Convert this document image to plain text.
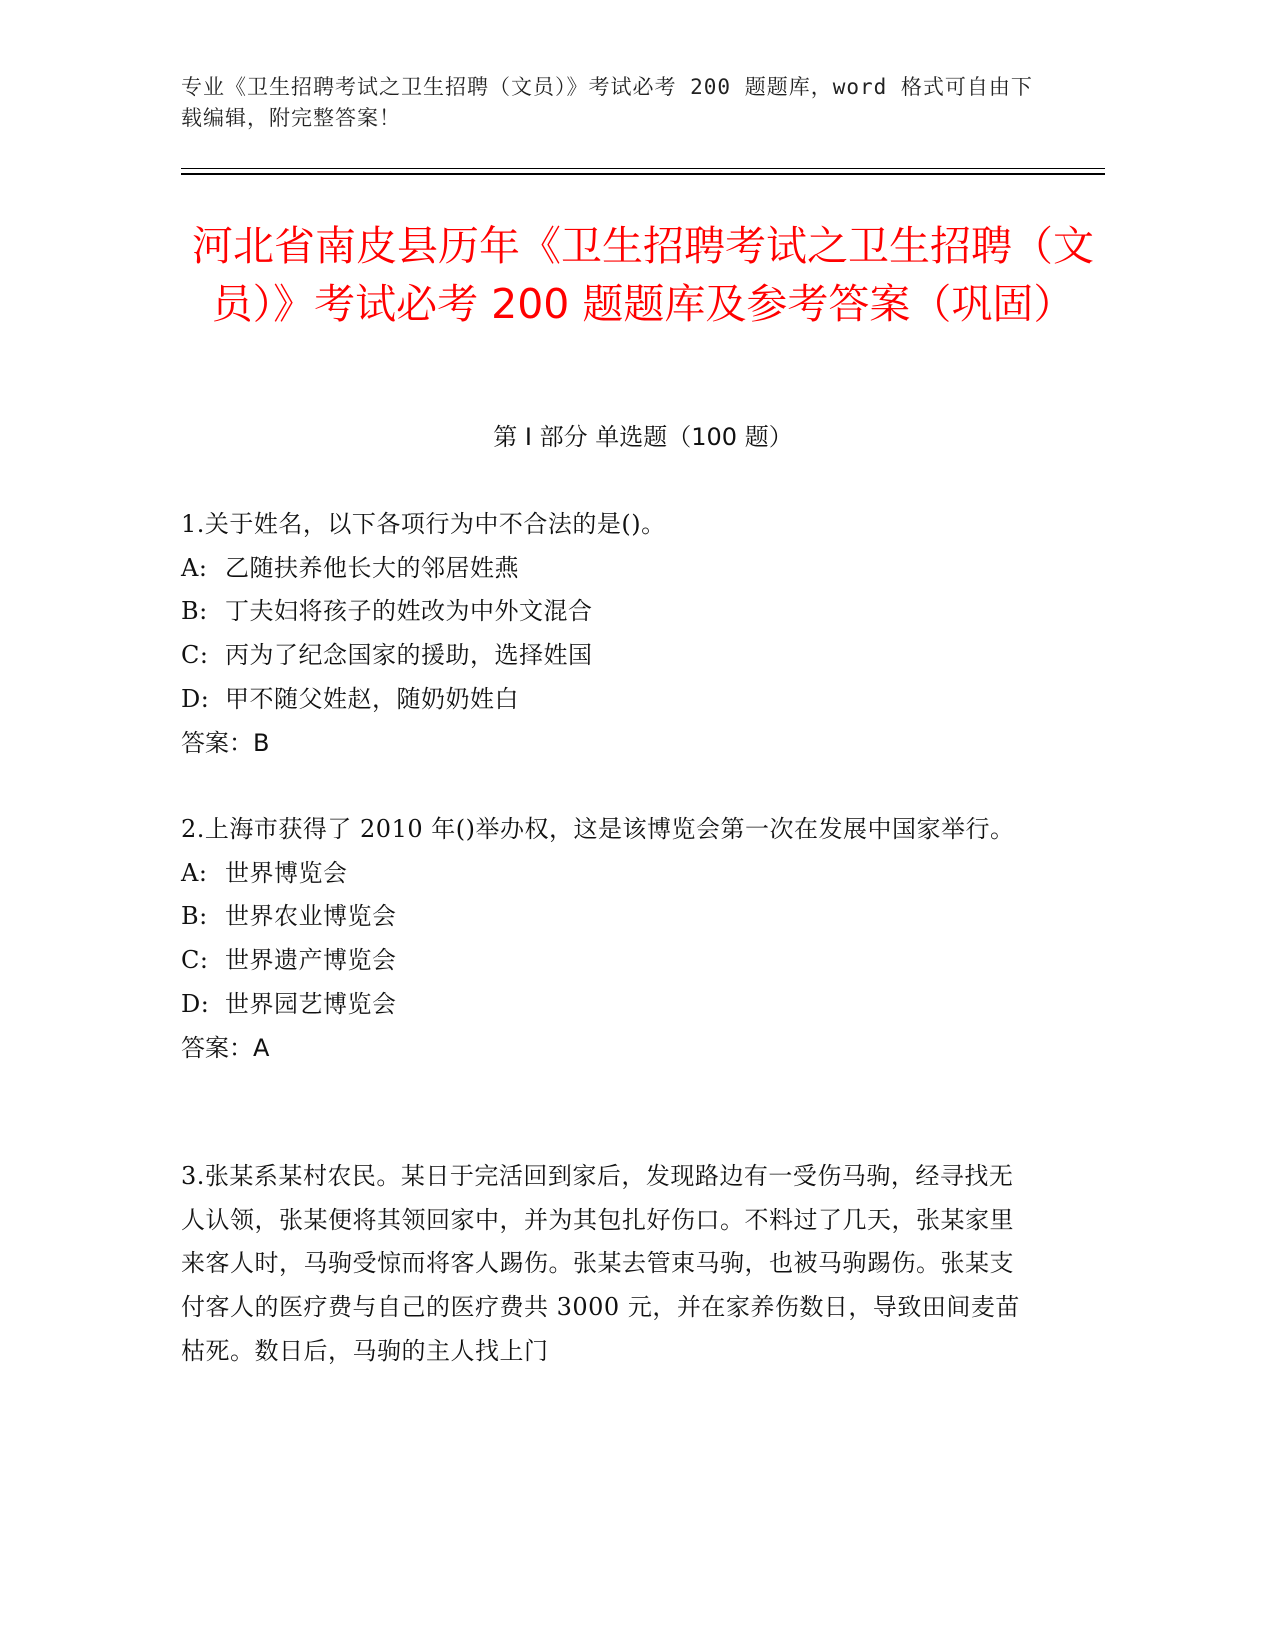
专业《卫生招聘考试之卫生招聘（文员）》考试必考 200 题题库，word 格式可自由下载编辑，附完整答案！
河北省南皮县历年《卫生招聘考试之卫生招聘（文员）》考试必考 200 题题库及参考答案（巩固）
第 I 部分 单选题（100 题）

1.关于姓名，以下各项行为中不合法的是()。

A: 乙随扶养他长大的邻居姓燕

B: 丁夫妇将孩子的姓改为中外文混合

C: 丙为了纪念国家的援助，选择姓国

D: 甲不随父姓赵，随奶奶姓白

答案：B

2.上海市获得了 2010 年()举办权，这是该博览会第一次在发展中国家举行。

A: 世界博览会

B: 世界农业博览会

C: 世界遗产博览会

D: 世界园艺博览会

答案：A

3.张某系某村农民。某日于完活回到家后，发现路边有一受伤马驹，经寻找无人认领，张某便将其领回家中，并为其包扎好伤口。不料过了几天，张某家里来客人时，马驹受惊而将客人踢伤。张某去管束马驹，也被马驹踢伤。张某支付客人的医疗费与自己的医疗费共 3000 元，并在家养伤数日，导致田间麦苗枯死。数日后，马驹的主人找上门
